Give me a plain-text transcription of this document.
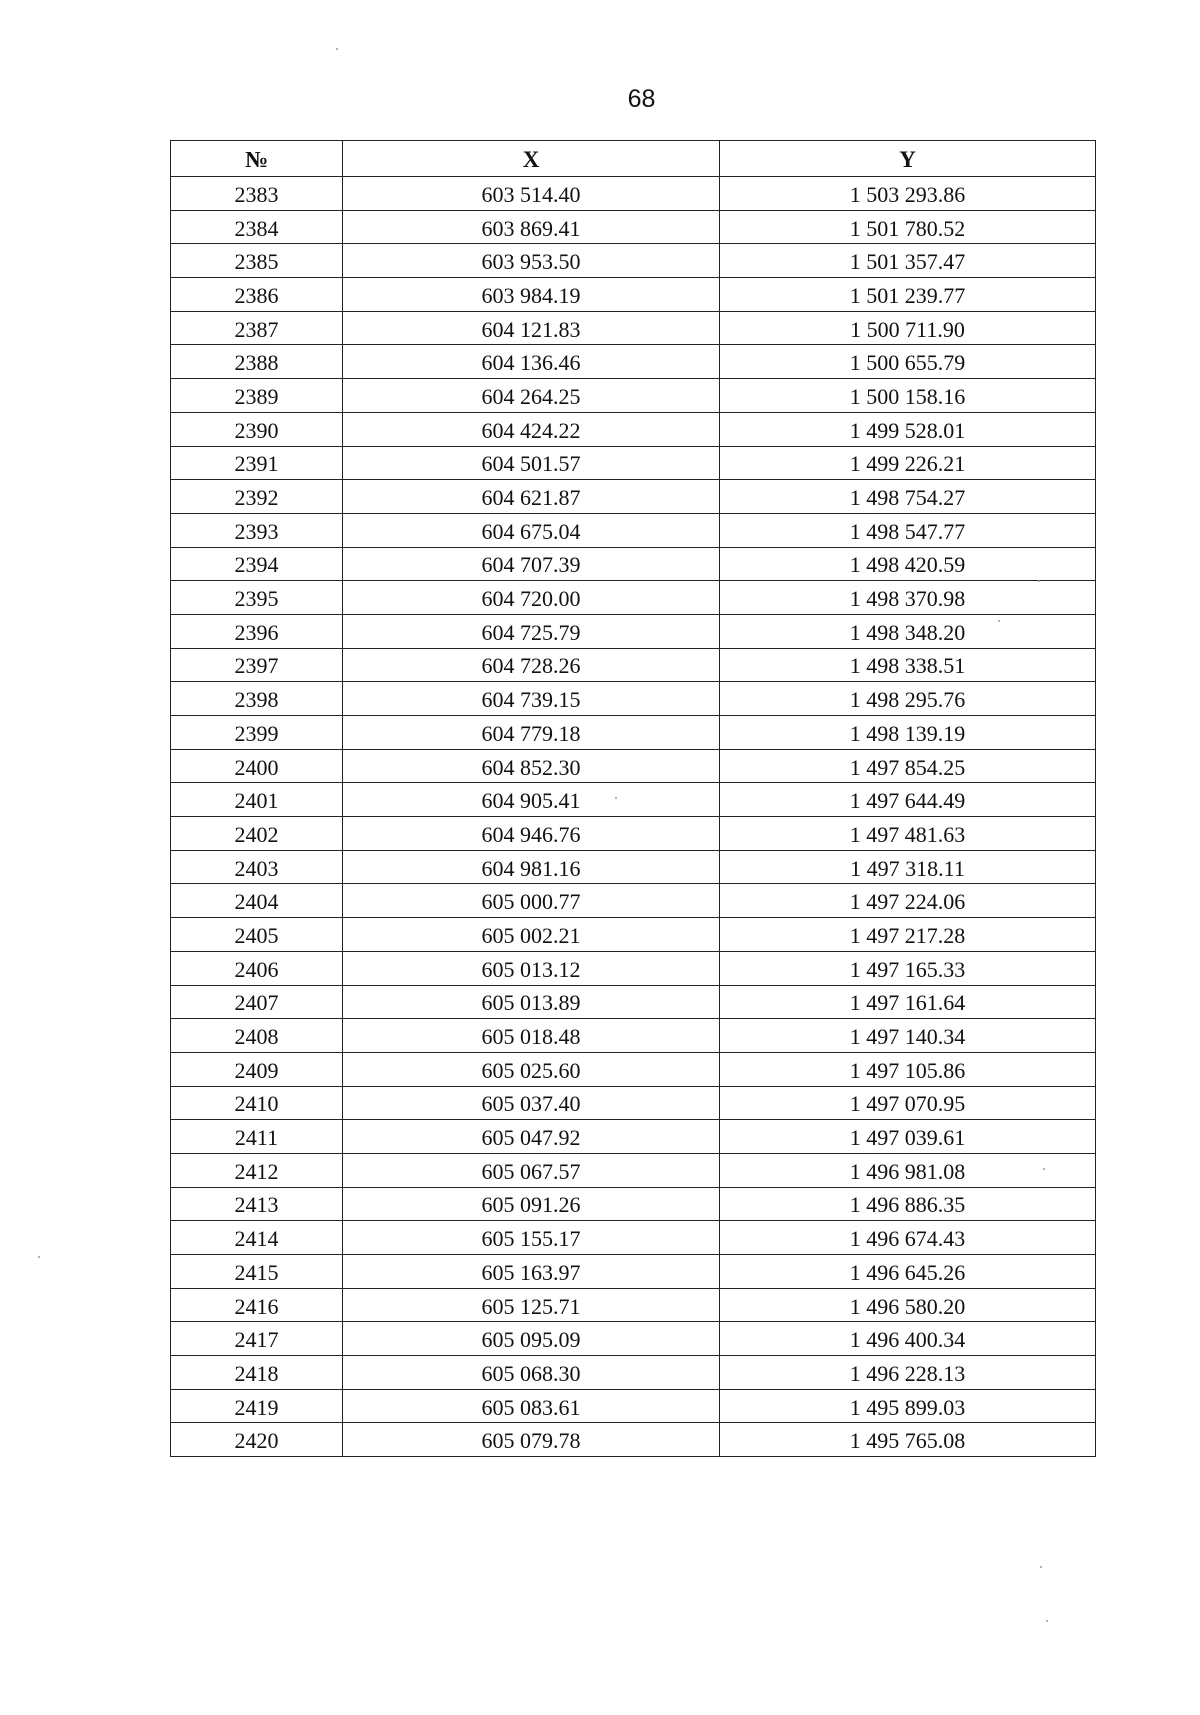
68
№	X	Y
2383	603 514.40	1 503 293.86
2384	603 869.41	1 501 780.52
2385	603 953.50	1 501 357.47
2386	603 984.19	1 501 239.77
2387	604 121.83	1 500 711.90
2388	604 136.46	1 500 655.79
2389	604 264.25	1 500 158.16
2390	604 424.22	1 499 528.01
2391	604 501.57	1 499 226.21
2392	604 621.87	1 498 754.27
2393	604 675.04	1 498 547.77
2394	604 707.39	1 498 420.59
2395	604 720.00	1 498 370.98
2396	604 725.79	1 498 348.20
2397	604 728.26	1 498 338.51
2398	604 739.15	1 498 295.76
2399	604 779.18	1 498 139.19
2400	604 852.30	1 497 854.25
2401	604 905.41	1 497 644.49
2402	604 946.76	1 497 481.63
2403	604 981.16	1 497 318.11
2404	605 000.77	1 497 224.06
2405	605 002.21	1 497 217.28
2406	605 013.12	1 497 165.33
2407	605 013.89	1 497 161.64
2408	605 018.48	1 497 140.34
2409	605 025.60	1 497 105.86
2410	605 037.40	1 497 070.95
2411	605 047.92	1 497 039.61
2412	605 067.57	1 496 981.08
2413	605 091.26	1 496 886.35
2414	605 155.17	1 496 674.43
2415	605 163.97	1 496 645.26
2416	605 125.71	1 496 580.20
2417	605 095.09	1 496 400.34
2418	605 068.30	1 496 228.13
2419	605 083.61	1 495 899.03
2420	605 079.78	1 495 765.08
